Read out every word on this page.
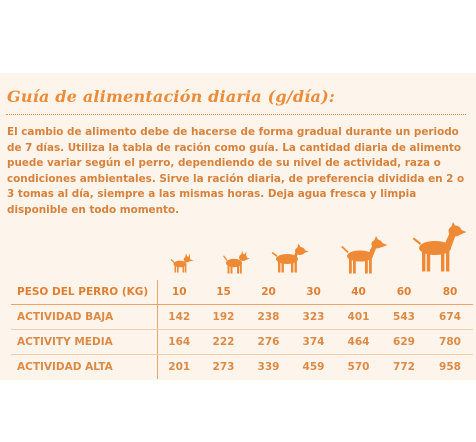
Guía de alimentación diaria (g/día):

El cambio de alimento debe de hacerse de forma gradual durante un periodo de 7 días. Utiliza la tabla de ración como guía. La cantidad diaria de alimento puede variar según el perro, dependiendo de su nivel de actividad, raza o condiciones ambientales. Sirve la ración diaria, de preferencia dividida en 2 o 3 tomas al día, siempre a las mismas horas. Deja agua fresca y limpia disponible en todo momento.

PESO DEL PERRO (KG)	10	15	20	30	40	60	80
ACTIVIDAD BAJA	142	192	238	323	401	543	674
ACTIVITY MEDIA	164	222	276	374	464	629	780
ACTIVIDAD ALTA	201	273	339	459	570	772	958
